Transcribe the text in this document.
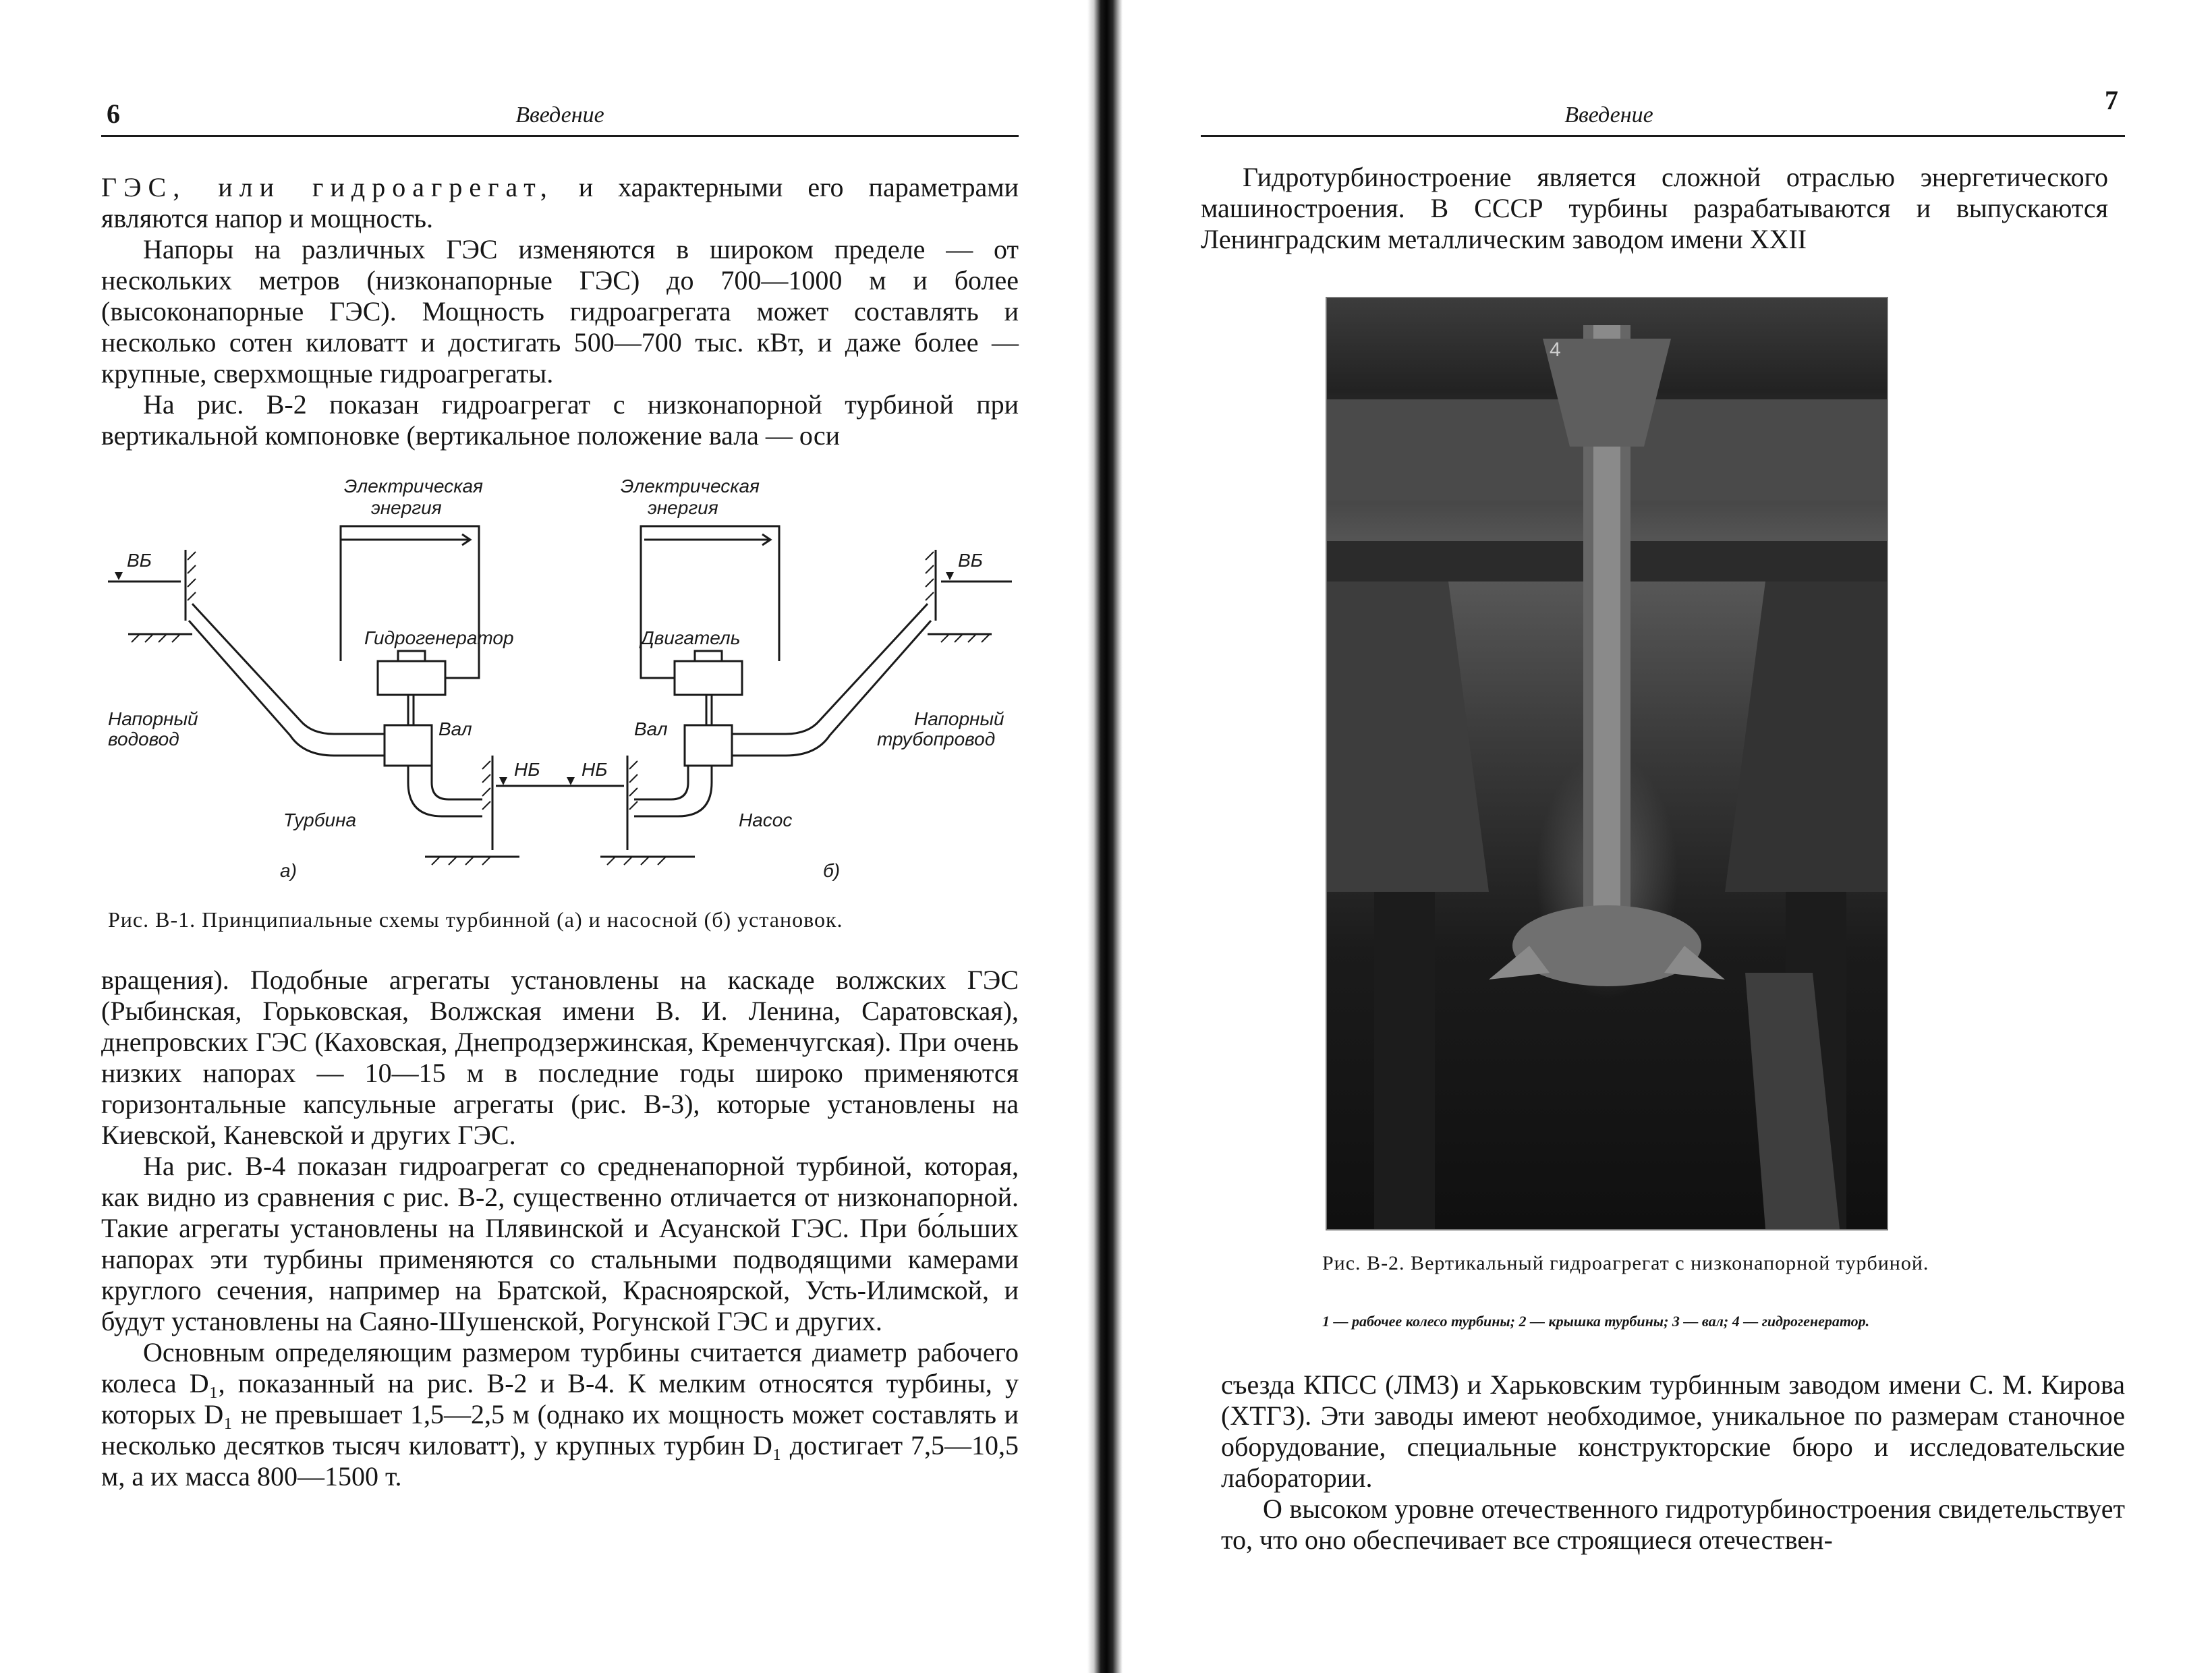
6	Введение

ГЭС, или гидроагрегат, и характерными его параметрами являются напор и мощность.

Напоры на различных ГЭС изменяются в широком пределе — от нескольких метров (низконапорные ГЭС) до 700—1000 м и более (высоконапорные ГЭС). Мощность гидроагрегата может составлять и несколько сотен киловатт и достигать 500—700 тыс. кВт, и даже более — крупные, сверхмощные гидроагрегаты.

На рис. В-2 показан гидроагрегат с низконапорной турбиной при вертикальной компоновке (вертикальное положение вала — оси

Электрическая
энергия
Электрическая
энергия
ВБ	ВБ
Гидрогенератор	Двигатель
Вал	Вал
Напорный
водовод
Напорный
трубопровод
НБ НБ
Турбина	Насос
а)	б)
Рис. В-1. Принципиальные схемы турбинной (а) и насосной (б) установок.

вращения). Подобные агрегаты установлены на каскаде волжских ГЭС (Рыбинская, Горьковская, Волжская имени В. И. Ленина, Саратовская), днепровских ГЭС (Каховская, Днепродзержинская, Кременчугская). При очень низких напорах — 10—15 м в последние годы широко применяются горизонтальные капсульные агрегаты (рис. В-3), которые установлены на Киевской, Каневской и других ГЭС.

На рис. В-4 показан гидроагрегат со средненапорной турбиной, которая, как видно из сравнения с рис. В-2, существенно отличается от низконапорной. Такие агрегаты установлены на Плявинской и Асуанской ГЭС. При бо́льших напорах эти турбины применяются со стальными подводящими камерами круглого сечения, например на Братской, Красноярской, Усть-Илимской, и будут установлены на Саяно-Шушенской, Рогунской ГЭС и других.

Основным определяющим размером турбины считается диаметр рабочего колеса D₁, показанный на рис. В-2 и В-4. К мелким относятся турбины, у которых D₁ не превышает 1,5—2,5 м (однако их мощность может составлять и несколько десятков тысяч киловатт), у крупных турбин D₁ достигает 7,5—10,5 м, а их масса 800—1500 т.

Введение	7

Гидротурбиностроение является сложной отраслью энергетического машиностроения. В СССР турбины разрабатываются и выпускаются Ленинградским металлическим заводом имени XXII

4
Рис. В-2. Вертикальный гидроагрегат с низконапорной турбиной.
1 — рабочее колесо турбины; 2 — крышка турбины; 3 — вал; 4 — гидрогенератор.

съезда КПСС (ЛМЗ) и Харьковским турбинным заводом имени С. М. Кирова (ХТГЗ). Эти заводы имеют необходимое, уникальное по размерам станочное оборудование, специальные конструкторские бюро и исследовательские лаборатории.

О высоком уровне отечественного гидротурбиностроения свидетельствует то, что оно обеспечивает все строящиеся отечествен-
